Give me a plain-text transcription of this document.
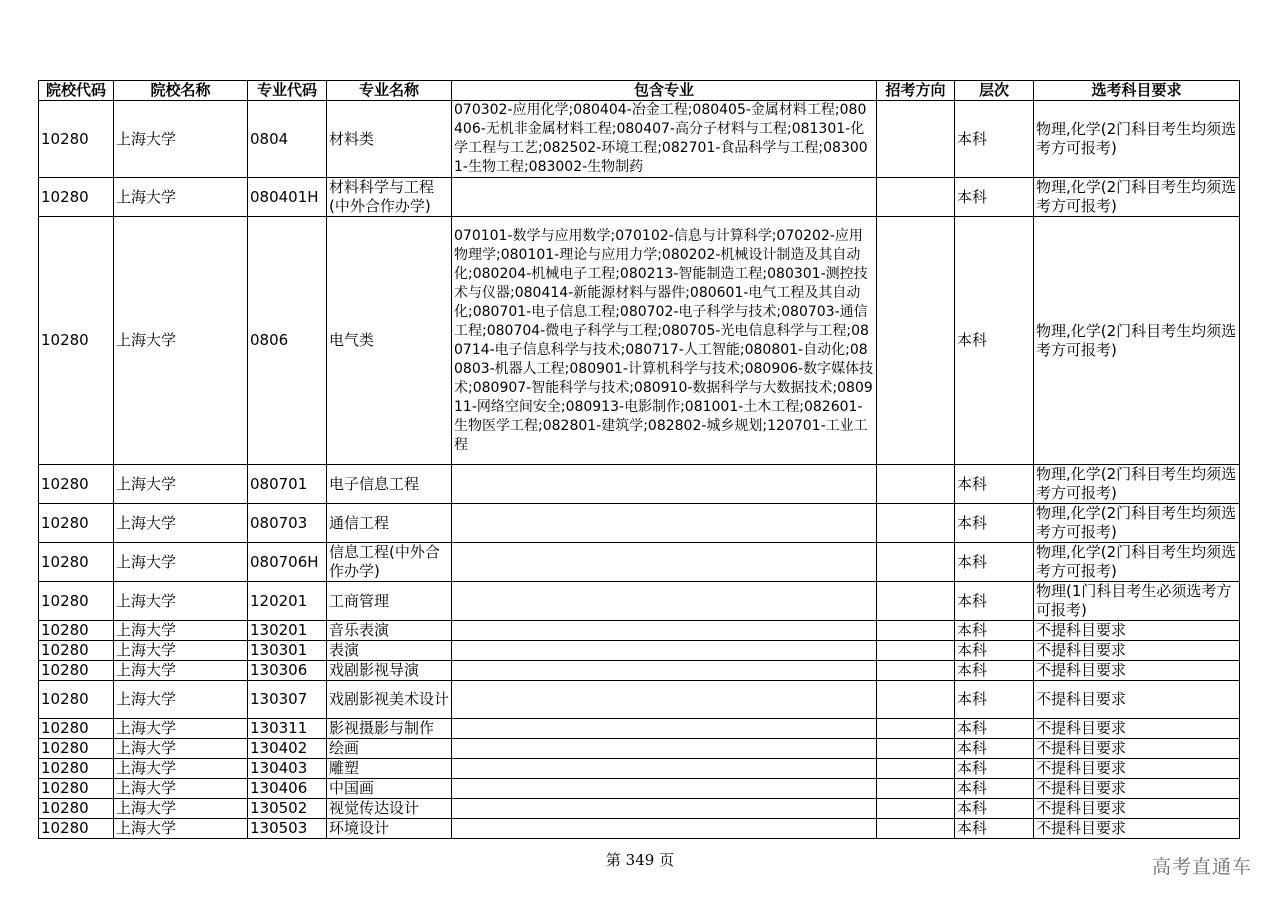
院校代码	院校名称	专业代码	专业名称	包含专业	招考方向	层次	选考科目要求
10280	上海大学	0804	材料类	070302-应用化学;080404-冶金工程;080405-金属材料工程;080406-无机非金属材料工程;080407-高分子材料与工程;081301-化学工程与工艺;082502-环境工程;082701-食品科学与工程;083001-生物工程;083002-生物制药		本科	物理,化学(2门科目考生均须选考方可报考)
10280	上海大学	080401H	材料科学与工程(中外合作办学)			本科	物理,化学(2门科目考生均须选考方可报考)
10280	上海大学	0806	电气类	070101-数学与应用数学;070102-信息与计算科学;070202-应用物理学;080101-理论与应用力学;080202-机械设计制造及其自动化;080204-机械电子工程;080213-智能制造工程;080301-测控技术与仪器;080414-新能源材料与器件;080601-电气工程及其自动化;080701-电子信息工程;080702-电子科学与技术;080703-通信工程;080704-微电子科学与工程;080705-光电信息科学与工程;080714-电子信息科学与技术;080717-人工智能;080801-自动化;080803-机器人工程;080901-计算机科学与技术;080906-数字媒体技术;080907-智能科学与技术;080910-数据科学与大数据技术;080911-网络空间安全;080913-电影制作;081001-土木工程;082601-生物医学工程;082801-建筑学;082802-城乡规划;120701-工业工程		本科	物理,化学(2门科目考生均须选考方可报考)
10280	上海大学	080701	电子信息工程			本科	物理,化学(2门科目考生均须选考方可报考)
10280	上海大学	080703	通信工程			本科	物理,化学(2门科目考生均须选考方可报考)
10280	上海大学	080706H	信息工程(中外合作办学)			本科	物理,化学(2门科目考生均须选考方可报考)
10280	上海大学	120201	工商管理			本科	物理(1门科目考生必须选考方可报考)
10280	上海大学	130201	音乐表演			本科	不提科目要求
10280	上海大学	130301	表演			本科	不提科目要求
10280	上海大学	130306	戏剧影视导演			本科	不提科目要求
10280	上海大学	130307	戏剧影视美术设计			本科	不提科目要求
10280	上海大学	130311	影视摄影与制作			本科	不提科目要求
10280	上海大学	130402	绘画			本科	不提科目要求
10280	上海大学	130403	雕塑			本科	不提科目要求
10280	上海大学	130406	中国画			本科	不提科目要求
10280	上海大学	130502	视觉传达设计			本科	不提科目要求
10280	上海大学	130503	环境设计			本科	不提科目要求
第 349 页	高考直通车
